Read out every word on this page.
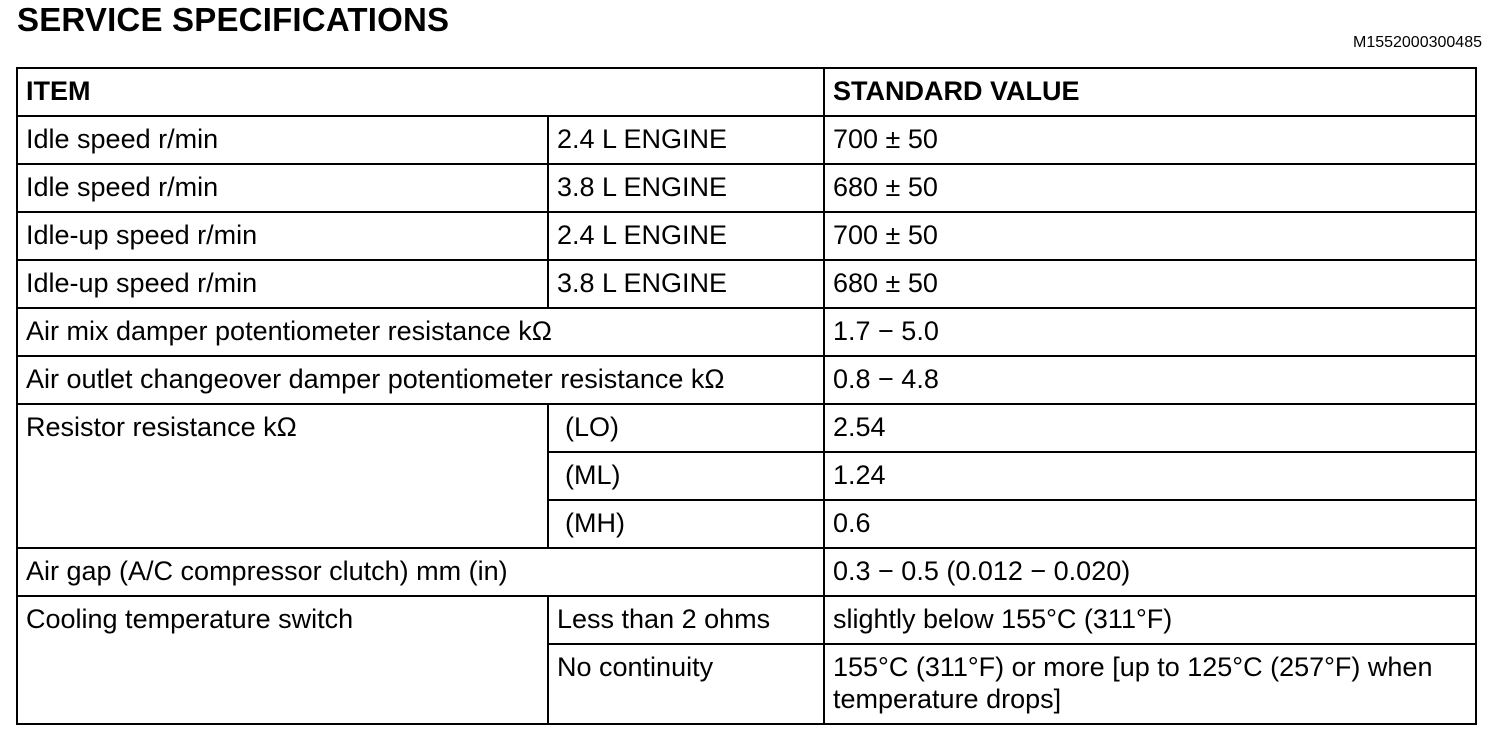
SERVICE SPECIFICATIONS
M1552000300485
ITEM		STANDARD VALUE
Idle speed r/min	2.4 L ENGINE	700 ± 50
Idle speed r/min	3.8 L ENGINE	680 ± 50
Idle-up speed r/min	2.4 L ENGINE	700 ± 50
Idle-up speed r/min	3.8 L ENGINE	680 ± 50
Air mix damper potentiometer resistance kΩ		1.7 − 5.0
Air outlet changeover damper potentiometer resistance kΩ		0.8 − 4.8
Resistor resistance kΩ	(LO)	2.54
	(ML)	1.24
	(MH)	0.6
Air gap (A/C compressor clutch) mm (in)		0.3 − 0.5 (0.012 − 0.020)
Cooling temperature switch	Less than 2 ohms	slightly below 155°C (311°F)
	No continuity	155°C (311°F) or more [up to 125°C (257°F) when temperature drops]
